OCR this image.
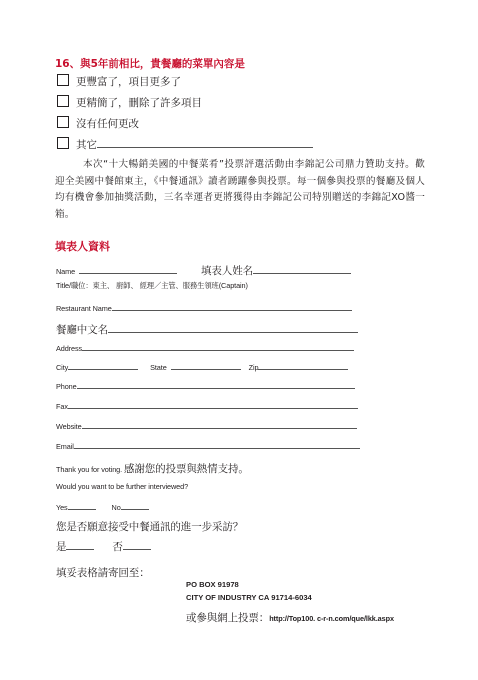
16、與5年前相比，貴餐廳的菜單內容是
更豐富了，項目更多了
更精簡了，刪除了許多項目
沒有任何更改
其它

本次“十大暢銷美國的中餐菜肴”投票評選活動由李錦記公司鼎力贊助支持。歡迎全美國中餐館東主，《中餐通訊》讀者踴躍參與投票。每一個參與投票的餐廳及個人均有機會參加抽獎活動，三名幸運者更將獲得由李錦記公司特別贈送的李錦記XO醬一箱。

填表人資料
Name	填表人姓名
Title/職位：東主、 廚師、 經理／主管、服務生領班(Captain)
Restaurant Name
餐廳中文名
Address
City	State	Zip
Phone
Fax
Website
Email
Thank you for voting. 感謝您的投票與熱情支持。
Would you want to be further interviewed?
Yes	No
您是否願意接受中餐通訊的進一步采訪？
是	否
填妥表格請寄回至：
PO BOX 91978
CITY OF INDUSTRY CA 91714-6034
或參與網上投票：http://Top100. c-r-n.com/que/lkk.aspx
